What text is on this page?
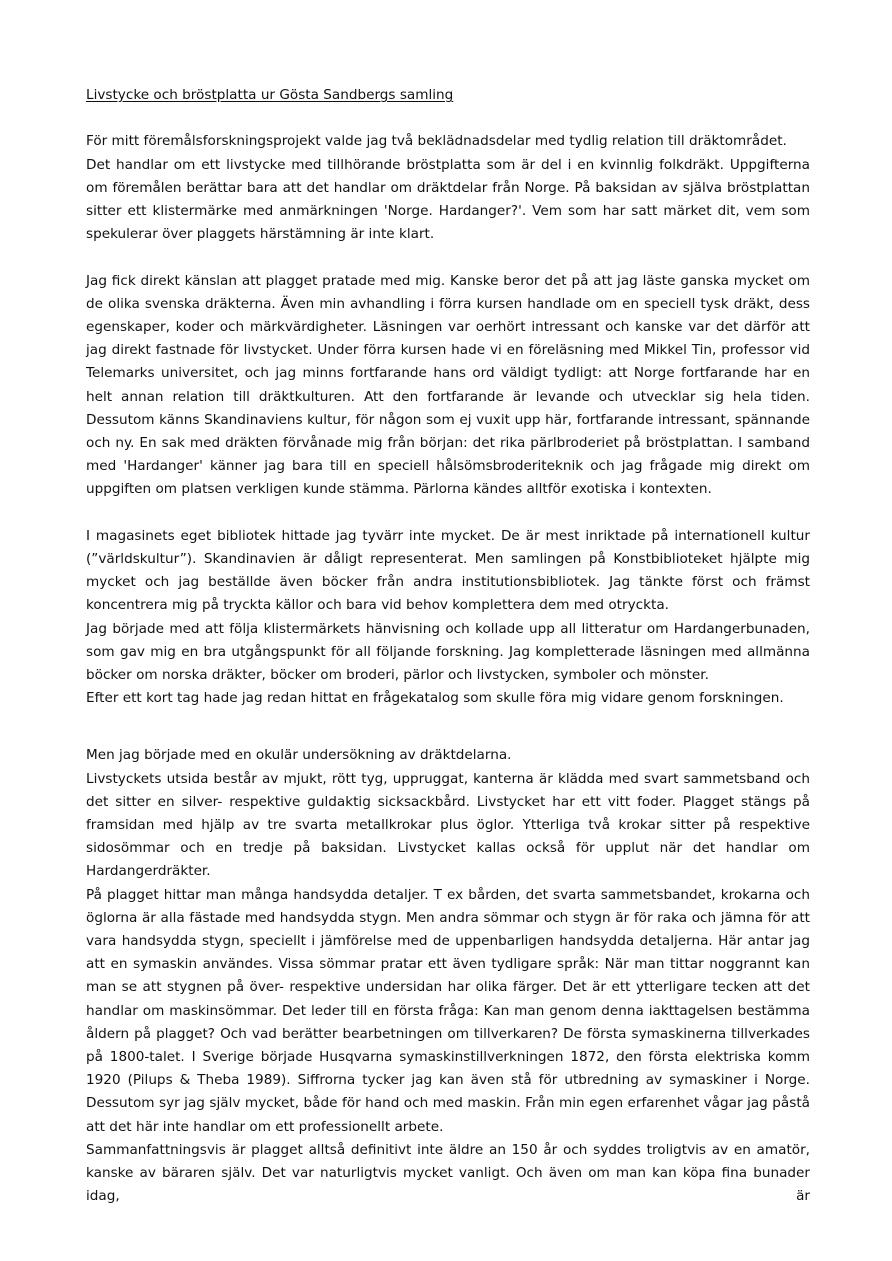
Livstycke och bröstplatta ur Gösta Sandbergs samling

För mitt föremålsforskningsprojekt valde jag två beklädnadsdelar med tydlig relation till dräktområdet.

Det handlar om ett livstycke med tillhörande bröstplatta som är del i en kvinnlig folkdräkt. Uppgifterna om föremålen berättar bara att det handlar om dräktdelar från Norge. På baksidan av själva bröstplattan sitter ett klistermärke med anmärkningen 'Norge. Hardanger?'. Vem som har satt märket dit, vem som spekulerar över plaggets härstämning är inte klart.

Jag fick direkt känslan att plagget pratade med mig. Kanske beror det på att jag läste ganska mycket om de olika svenska dräkterna. Även min avhandling i förra kursen handlade om en speciell tysk dräkt, dess egenskaper, koder och märkvärdigheter. Läsningen var oerhört intressant och kanske var det därför att jag direkt fastnade för livstycket. Under förra kursen hade vi en föreläsning med Mikkel Tin, professor vid Telemarks universitet, och jag minns fortfarande hans ord väldigt tydligt: att Norge fortfarande har en helt annan relation till dräktkulturen. Att den fortfarande är levande och utvecklar sig hela tiden. Dessutom känns Skandinaviens kultur, för någon som ej vuxit upp här, fortfarande intressant, spännande och ny. En sak med dräkten förvånade mig från början: det rika pärlbroderiet på bröstplattan. I samband med 'Hardanger' känner jag bara till en speciell hålsömsbroderiteknik och jag frågade mig direkt om uppgiften om platsen verkligen kunde stämma. Pärlorna kändes alltför exotiska i kontexten.

I magasinets eget bibliotek hittade jag tyvärr inte mycket. De är mest inriktade på internationell kultur (”världskultur”). Skandinavien är dåligt representerat. Men samlingen på Konstbiblioteket hjälpte mig mycket och jag beställde även böcker från andra institutionsbibliotek. Jag tänkte först och främst koncentrera mig på tryckta källor och bara vid behov komplettera dem med otryckta.

Jag började med att följa klistermärkets hänvisning och kollade upp all litteratur om Hardangerbunaden, som gav mig en bra utgångspunkt för all följande forskning. Jag kompletterade läsningen med allmänna böcker om norska dräkter, böcker om broderi, pärlor och livstycken, symboler och mönster.

Efter ett kort tag hade jag redan hittat en frågekatalog som skulle föra mig vidare genom forskningen.

Men jag började med en okulär undersökning av dräktdelarna.

Livstyckets utsida består av mjukt, rött tyg, uppruggat, kanterna är klädda med svart sammetsband och det sitter en silver- respektive guldaktig sicksackbård. Livstycket har ett vitt foder. Plagget stängs på framsidan med hjälp av tre svarta metallkrokar plus öglor. Ytterliga två krokar sitter på respektive sidosömmar och en tredje på baksidan. Livstycket kallas också för upplut när det handlar om Hardangerdräkter.

På plagget hittar man många handsydda detaljer. T ex bården, det svarta sammetsbandet, krokarna och öglorna är alla fästade med handsydda stygn. Men andra sömmar och stygn är för raka och jämna för att vara handsydda stygn, speciellt i jämförelse med de uppenbarligen handsydda detaljerna. Här antar jag att en symaskin användes. Vissa sömmar pratar ett även tydligare språk: När man tittar noggrannt kan man se att stygnen på över- respektive undersidan har olika färger. Det är ett ytterligare tecken att det handlar om maskinsömmar. Det leder till en första fråga: Kan man genom denna iakttagelsen bestämma åldern på plagget? Och vad berätter bearbetningen om tillverkaren? De första symaskinerna tillverkades på 1800-talet. I Sverige började Husqvarna symaskinstillverkningen 1872, den första elektriska komm 1920 (Pilups & Theba 1989). Siffrorna tycker jag kan även stå för utbredning av symaskiner i Norge. Dessutom syr jag själv mycket, både för hand och med maskin. Från min egen erfarenhet vågar jag påstå att det här inte handlar om ett professionellt arbete.

Sammanfattningsvis är plagget alltså definitivt inte äldre an 150 år och syddes troligtvis av en amatör, kanske av bäraren själv. Det var naturligtvis mycket vanligt. Och även om man kan köpa fina bunader idag, är
